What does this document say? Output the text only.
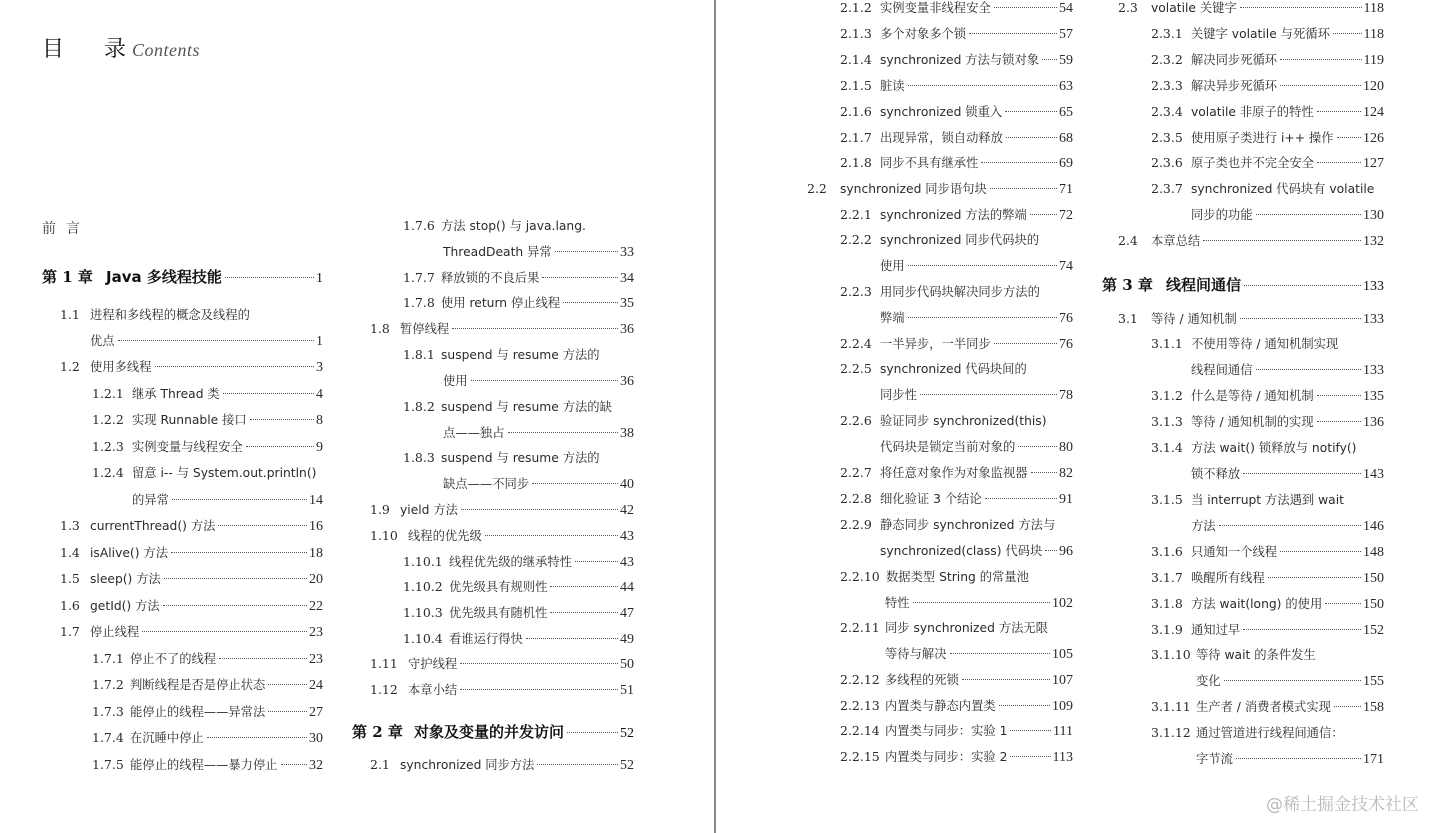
目 录 Contents
前言
第 1 章 Java 多线程技能	1
1.1 进程和多线程的概念及线程的
优点	1
1.2 使用多线程	3
1.2.1 继承 Thread 类	4
1.2.2 实现 Runnable 接口	8
1.2.3 实例变量与线程安全	9
1.2.4 留意 i-- 与 System.out.println()
的异常	14
1.3 currentThread() 方法	16
1.4 isAlive() 方法	18
1.5 sleep() 方法	20
1.6 getId() 方法	22
1.7 停止线程	23
1.7.1 停止不了的线程	23
1.7.2 判断线程是否是停止状态	24
1.7.3 能停止的线程——异常法	27
1.7.4 在沉睡中停止	30
1.7.5 能停止的线程——暴力停止 32
1.7.6 方法 stop() 与 java.lang.
ThreadDeath 异常	33
1.7.7 释放锁的不良后果	34
1.7.8 使用 return 停止线程	35
1.8 暂停线程	36
1.8.1 suspend 与 resume 方法的
使用	36
1.8.2 suspend 与 resume 方法的缺
点——独占	38
1.8.3 suspend 与 resume 方法的
缺点——不同步	40
1.9 yield 方法	42
1.10 线程的优先级	43
1.10.1 线程优先级的继承特性	43
1.10.2 优先级具有规则性	44
1.10.3 优先级具有随机性	47
1.10.4 看谁运行得快	49
1.11 守护线程	50
1.12 本章小结	51
第 2 章 对象及变量的并发访问	52
2.1 synchronized 同步方法	52
2.1.2 实例变量非线程安全	54
2.1.3 多个对象多个锁	57
2.1.4 synchronized 方法与锁对象 59
2.1.5 脏读	63
2.1.6 synchronized 锁重入	65
2.1.7 出现异常，锁自动释放	68
2.1.8 同步不具有继承性	69
2.2	synchronized 同步语句块	71
2.2.1 synchronized 方法的弊端 72
2.2.2 synchronized 同步代码块的
使用	74
2.2.3 用同步代码块解决同步方法的
弊端	76
2.2.4 一半异步，一半同步	76
2.2.5 synchronized 代码块间的
同步性	78
2.2.6 验证同步 synchronized(this)
代码块是锁定当前对象的	80
2.2.7 将任意对象作为对象监视器 82
2.2.8 细化验证 3 个结论	91
2.2.9 静态同步 synchronized 方法与
synchronized(class) 代码块 96
2.2.10 数据类型 String 的常量池
特性	102
2.2.11 同步 synchronized 方法无限
等待与解决	105
2.2.12 多线程的死锁	107
2.2.13 内置类与静态内置类	109
2.2.14 内置类与同步：实验 1	111
2.2.15 内置类与同步：实验 2	113
2.3	volatile 关键字	118
2.3.1 关键字 volatile 与死循环 118
2.3.2 解决同步死循环	119
2.3.3 解决异步死循环	120
2.3.4 volatile 非原子的特性	124
2.3.5 使用原子类进行 i++ 操作 126
2.3.6 原子类也并不完全安全	127
2.3.7 synchronized 代码块有 volatile
同步的功能	130
2.4	本章总结	132
第 3 章 线程间通信	133
3.1	等待 / 通知机制	133
3.1.1 不使用等待 / 通知机制实现
线程间通信	133
3.1.2 什么是等待 / 通知机制	135
3.1.3 等待 / 通知机制的实现	136
3.1.4 方法 wait() 锁释放与 notify()
锁不释放	143
3.1.5 当 interrupt 方法遇到 wait
方法	146
3.1.6 只通知一个线程	148
3.1.7 唤醒所有线程	150
3.1.8 方法 wait(long) 的使用	150
3.1.9 通知过早	152
3.1.10 等待 wait 的条件发生
变化	155
3.1.11 生产者 / 消费者模式实现 158
3.1.12 通过管道进行线程间通信：
字节流	171
@稀土掘金技术社区
